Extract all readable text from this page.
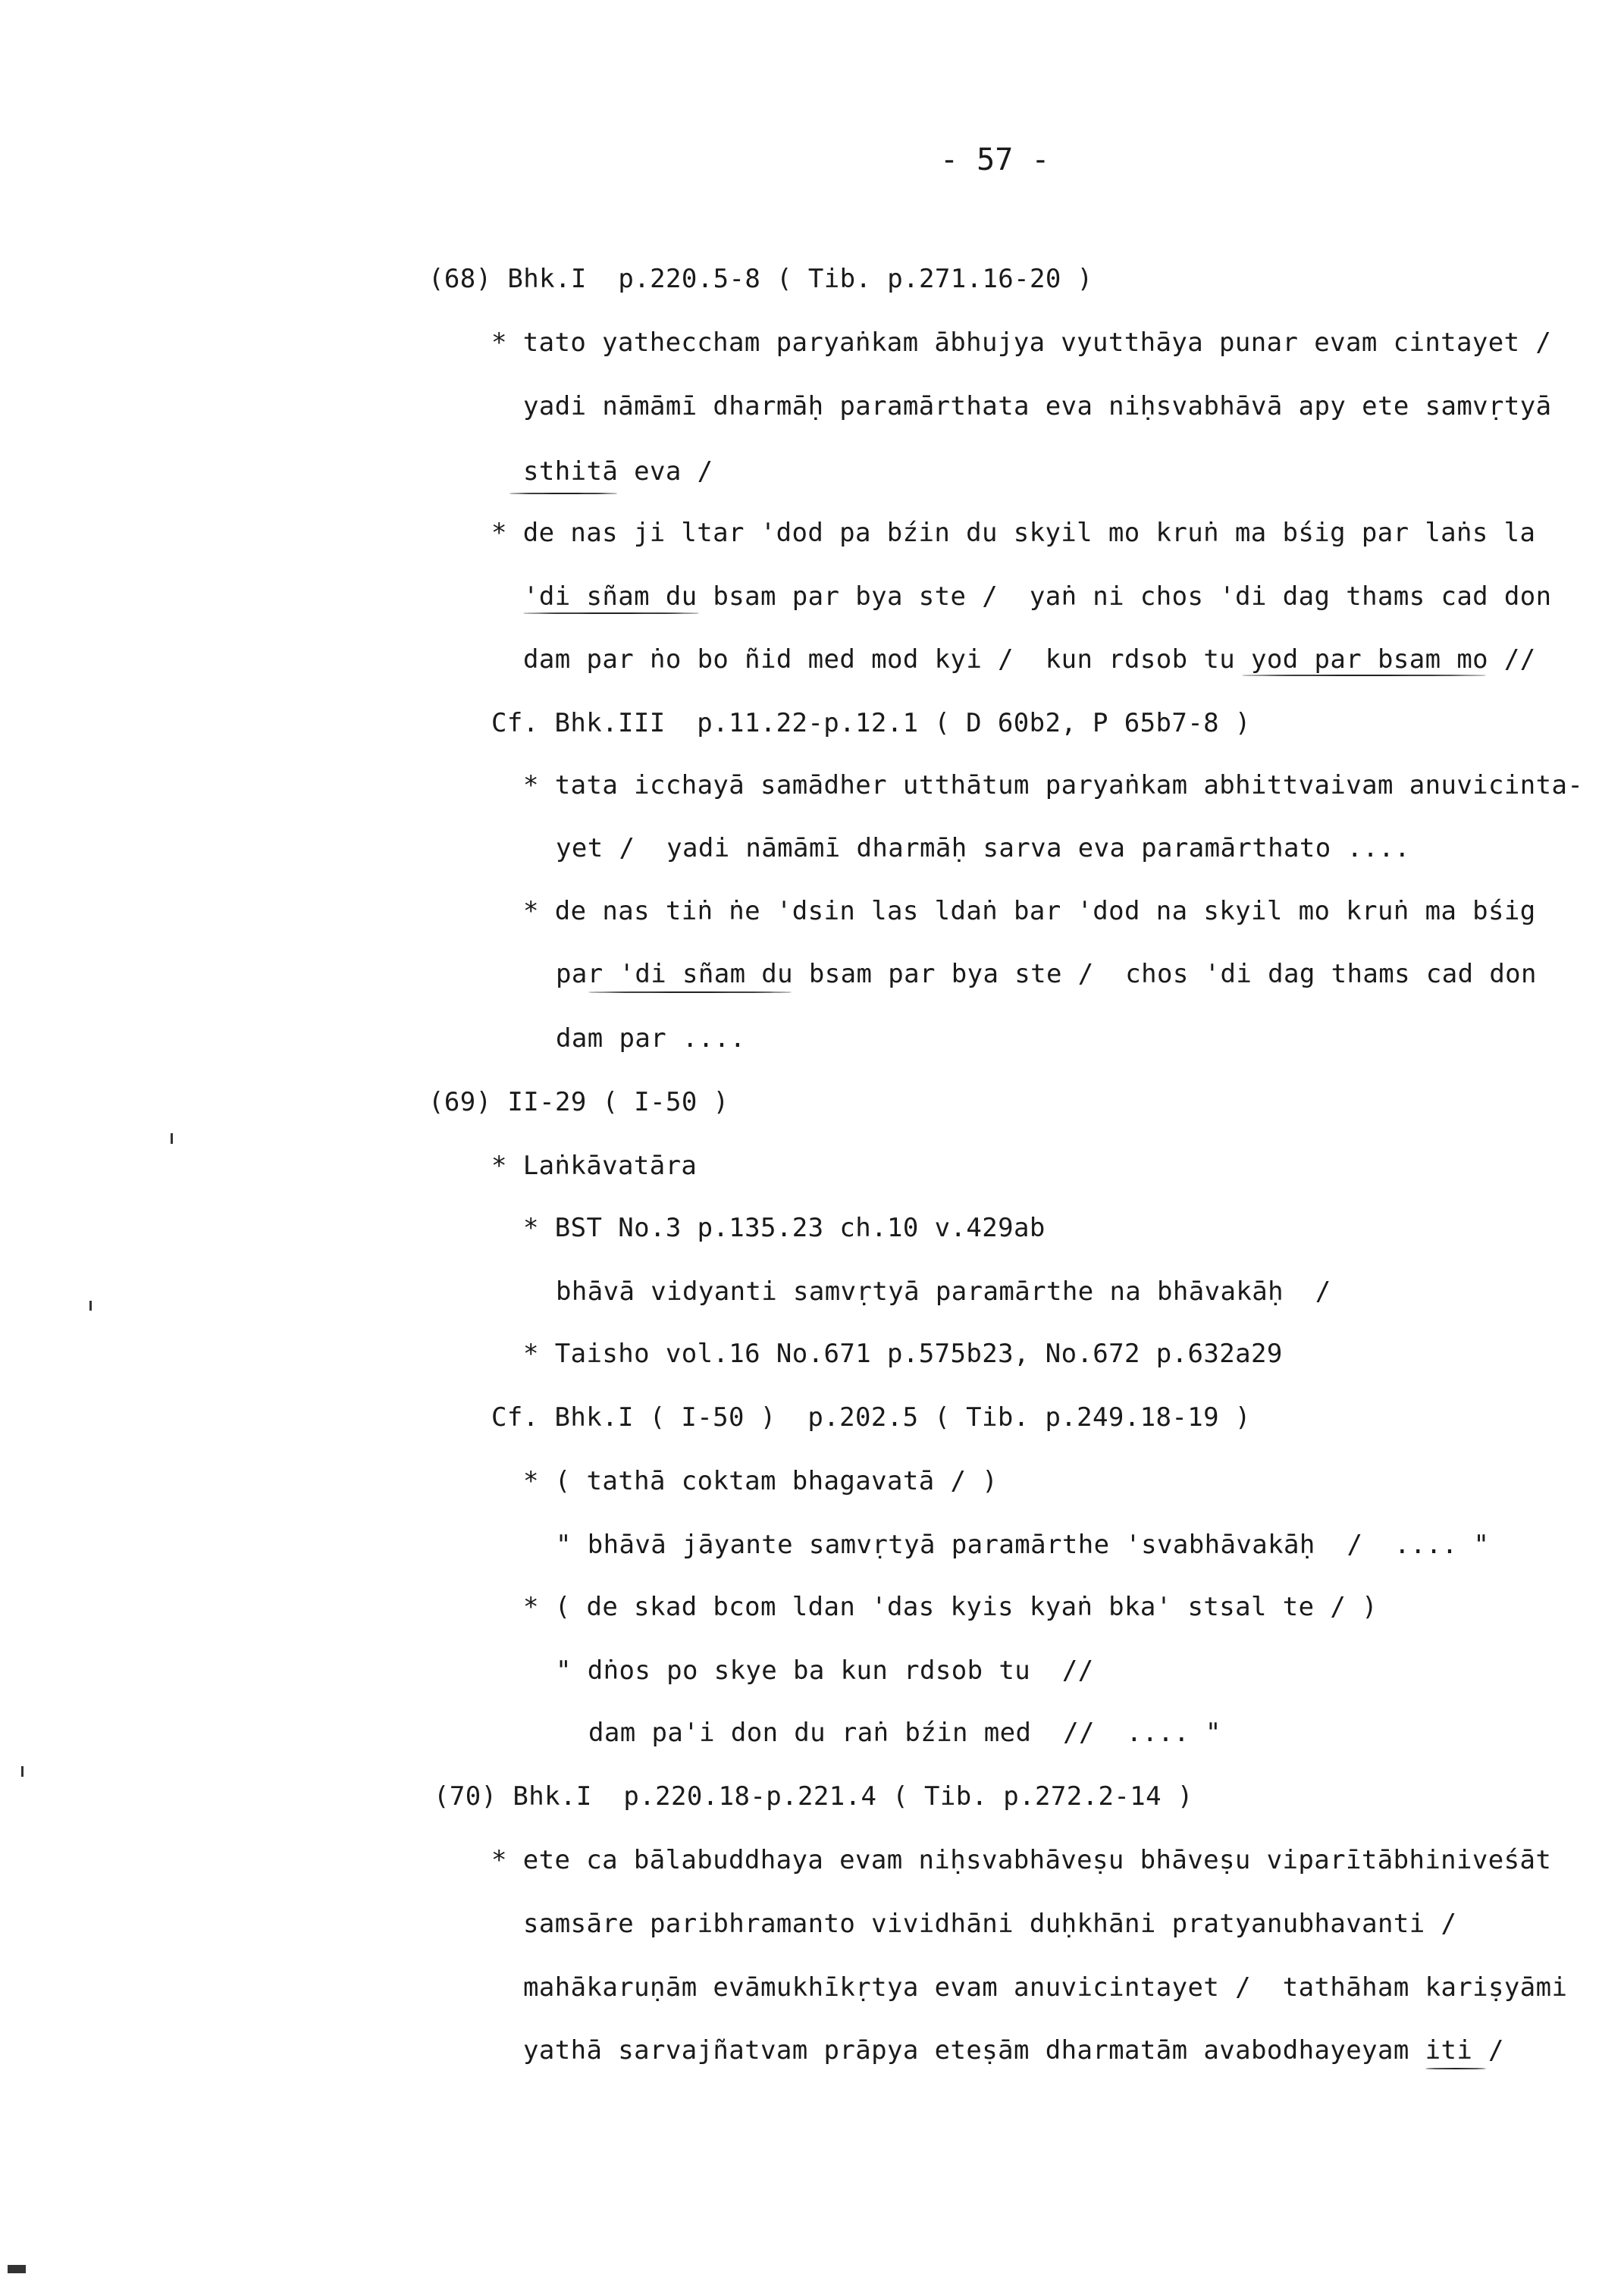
- 57 -
(68) Bhk.I  p.220.5-8 ( Tib. p.271.16-20 )
* tato yatheccham paryaṅkam ābhujya vyutthāya punar evam cintayet /
yadi nāmāmī dharmāḥ paramārthata eva niḥsvabhāvā apy ete samvṛtyā
sthitā eva /
* de nas ji ltar 'dod pa bźin du skyil mo kruṅ ma bśig par laṅs la
'di sñam du bsam par bya ste /  yaṅ ni chos 'di dag thams cad don
dam par ṅo bo ñid med mod kyi /  kun rdsob tu yod par bsam mo //
Cf. Bhk.III  p.11.22-p.12.1 ( D 60b2, P 65b7-8 )
* tata icchayā samādher utthātum paryaṅkam abhittvaivam anuvicinta-
yet /  yadi nāmāmī dharmāḥ sarva eva paramārthato ....
* de nas tiṅ ṅe 'dsin las ldaṅ bar 'dod na skyil mo kruṅ ma bśig
par 'di sñam du bsam par bya ste /  chos 'di dag thams cad don
dam par ....
(69) II-29 ( I-50 )
* Laṅkāvatāra
* BST No.3 p.135.23 ch.10 v.429ab
bhāvā vidyanti samvṛtyā paramārthe na bhāvakāḥ  /
* Taisho vol.16 No.671 p.575b23, No.672 p.632a29
Cf. Bhk.I ( I-50 )  p.202.5 ( Tib. p.249.18-19 )
* ( tathā coktam bhagavatā / )
" bhāvā jāyante samvṛtyā paramārthe 'svabhāvakāḥ  /  .... "
* ( de skad bcom ldan 'das kyis kyaṅ bka' stsal te / )
" dṅos po skye ba kun rdsob tu  //
dam pa'i don du raṅ bźin med  //  .... "
(70) Bhk.I  p.220.18-p.221.4 ( Tib. p.272.2-14 )
* ete ca bālabuddhaya evam niḥsvabhāveṣu bhāveṣu viparītābhiniveśāt
samsāre paribhramanto vividhāni duḥkhāni pratyanubhavanti /
mahākaruṇām evāmukhīkṛtya evam anuvicintayet /  tathāham kariṣyāmi
yathā sarvajñatvam prāpya eteṣām dharmatām avabodhayeyam iti /
